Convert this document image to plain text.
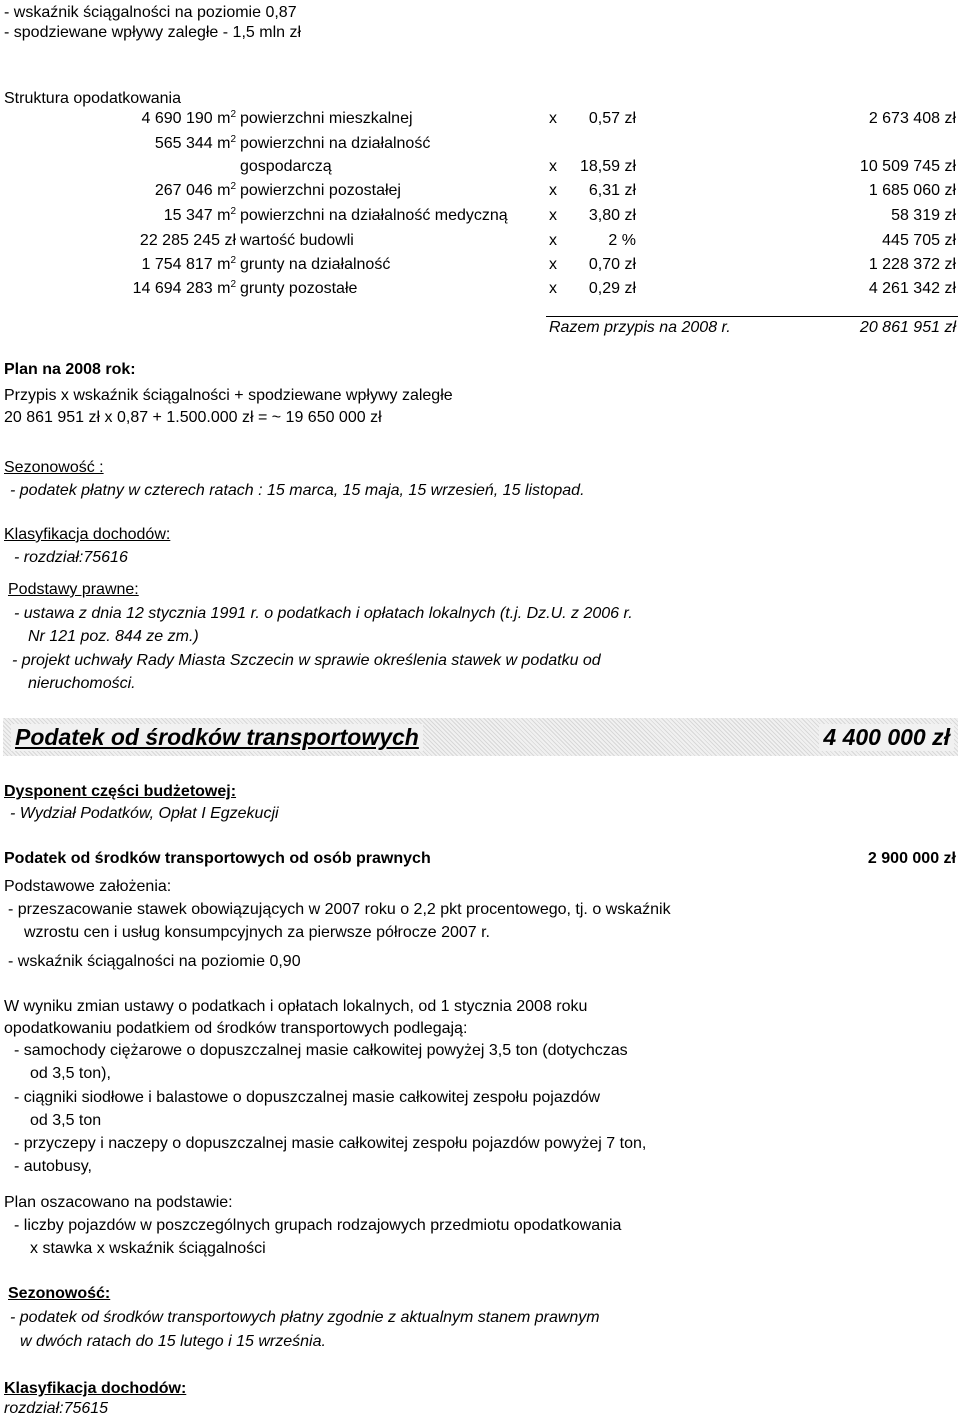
- wskaźnik ściągalności na poziomie 0,87
- spodziewane wpływy zaległe - 1,5 mln zł
Struktura opodatkowania
4 690 190 $m^2$ powierzchni mieszkalnej	x 0,57 zł	2 673 408 zł
565 344 $m^2$ powierzchni na działalność
gospodarczą	x 18,59 zł	10 509 745 zł
267 046 $m^2$ powierzchni pozostałej	x 6,31 zł	1 685 060 zł
15 347 $m^2$ powierzchni na działalność medyczną	x 3,80 zł	58 319 zł
22 285 245 zł wartość budowli	x	2 %	445 705 zł
1 754 817 $m^2$ grunty na działalność	x 0,70 zł	1 228 372 zł
14 694 283 $m^2$ grunty pozostałe	x 0,29 zł	4 261 342 zł
Razem przypis na 2008 r.	20 861 951 zł
Plan na 2008 rok:
Przypis x wskaźnik ściągalności + spodziewane wpływy zaległe
20 861 951 zł x 0,87 + 1.500.000 zł = ~ 19 650 000 zł
Sezonowość :
- podatek płatny w czterech ratach : 15 marca, 15 maja, 15 wrzesień, 15 listopad.
Klasyfikacja dochodów:
- rozdział:75616
Podstawy prawne:
- ustawa z dnia 12 stycznia 1991 r. o podatkach i opłatach lokalnych (t.j. Dz.U. z 2006 r.
Nr 121 poz. 844 ze zm.)
- projekt uchwały Rady Miasta Szczecin w sprawie określenia stawek w podatku od
nieruchomości.
Podatek od środków transportowych	4 400 000 zł
Dysponent części budżetowej:
- Wydział Podatków, Opłat I Egzekucji
Podatek od środków transportowych od osób prawnych	2 900 000 zł
Podstawowe założenia:
- przeszacowanie stawek obowiązujących w 2007 roku o 2,2 pkt procentowego, tj. o wskaźnik
wzrostu cen i usług konsumpcyjnych za pierwsze półrocze 2007 r.
- wskaźnik ściągalności na poziomie 0,90
W wyniku zmian ustawy o podatkach i opłatach lokalnych, od 1 stycznia 2008 roku
opodatkowaniu podatkiem od środków transportowych podlegają:
- samochody ciężarowe o dopuszczalnej masie całkowitej powyżej 3,5 ton (dotychczas
od 3,5 ton),
- ciągniki siodłowe i balastowe o dopuszczalnej masie całkowitej zespołu pojazdów
od 3,5 ton
- przyczepy i naczepy o dopuszczalnej masie całkowitej zespołu pojazdów powyżej 7 ton,
- autobusy,
Plan oszacowano na podstawie:
- liczby pojazdów w poszczególnych grupach rodzajowych przedmiotu opodatkowania
x stawka x wskaźnik ściągalności
Sezonowość:
- podatek od środków transportowych płatny zgodnie z aktualnym stanem prawnym
w dwóch ratach do 15 lutego i 15 września.
Klasyfikacja dochodów:
rozdział:75615
